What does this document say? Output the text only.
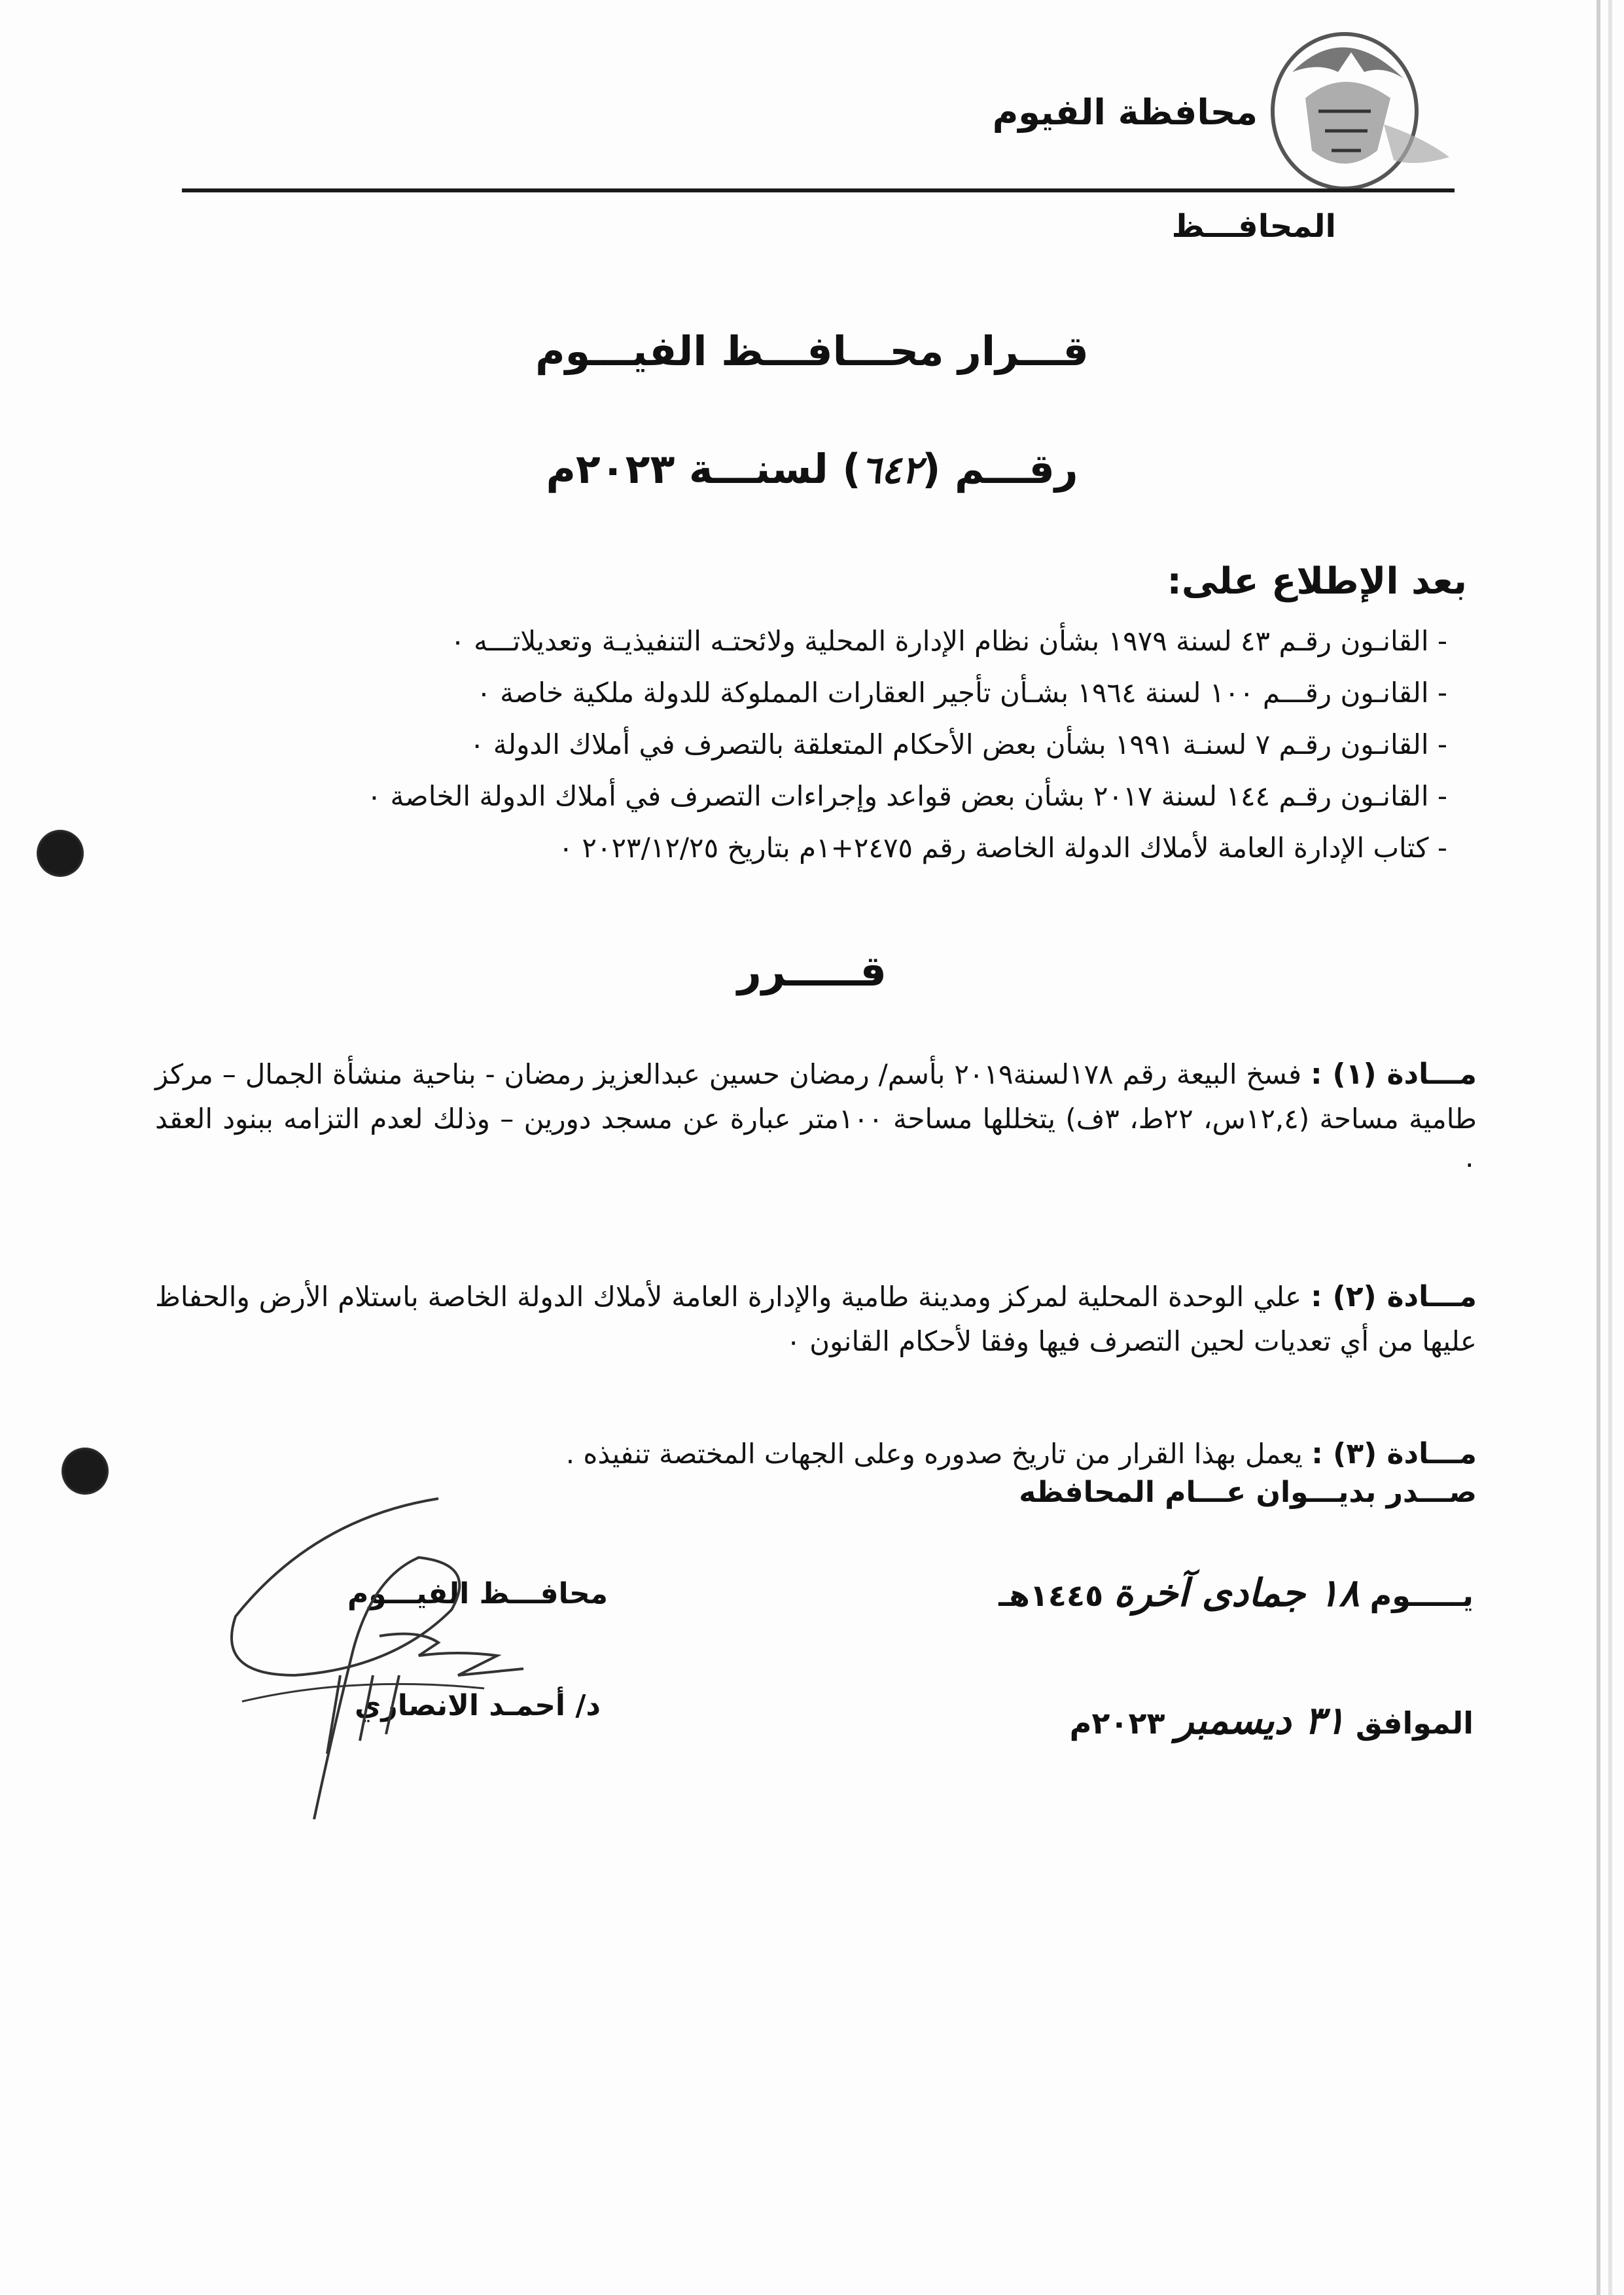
محافظة الفيوم
المحافـــظ
قـــرار محـــافـــظ الفيـــوم
رقـــم (٦٤٢) لسنـــة ٢٠٢٣م
بعد الإطلاع على:
- القانـون رقـم ٤٣ لسنة ١٩٧٩ بشأن نظام الإدارة المحلية ولائحتـه التنفيذيـة وتعديلاتـــه ٠
- القانـون رقـــم ١٠٠ لسنة ١٩٦٤ بشـأن تأجير العقارات المملوكة للدولة ملكية خاصة ٠
- القانـون رقـم ٧ لسنـة ١٩٩١ بشأن بعض الأحكام المتعلقة بالتصرف في أملاك الدولة ٠
- القانـون رقـم ١٤٤ لسنة ٢٠١٧ بشأن بعض قواعد وإجراءات التصرف في أملاك الدولة الخاصة ٠
- كتاب الإدارة العامة لأملاك الدولة الخاصة رقم ٢٤٧٥+١م بتاريخ ٢٠٢٣/١٢/٢٥ ٠
قـــــرر
مـــادة (١) : فسخ البيعة رقم ١٧٨لسنة٢٠١٩ بأسم/ رمضان حسين عبدالعزيز رمضان - بناحية منشأة الجمال – مركز طامية مساحة (١٢,٤س، ٢٢ط، ٣ف) يتخللها مساحة ١٠٠متر عبارة عن مسجد دورين – وذلك لعدم التزامه ببنود العقد ٠
مـــادة (٢) : علي الوحدة المحلية لمركز ومدينة طامية والإدارة العامة لأملاك الدولة الخاصة باستلام الأرض والحفاظ عليها من أي تعديات لحين التصرف فيها وفقا لأحكام القانون ٠
مـــادة (٣) : يعمل بهذا القرار من تاريخ صدوره وعلى الجهات المختصة تنفيذه .
صـــدر بديـــوان عـــام المحافظه
يـــــوم ١٨ جمادى آخرة ١٤٤٥هـ
الموافق ٣١ ديسمبر ٢٠٢٣م
محافـــظ الفيـــوم
د/ أحمـد الانصاري
